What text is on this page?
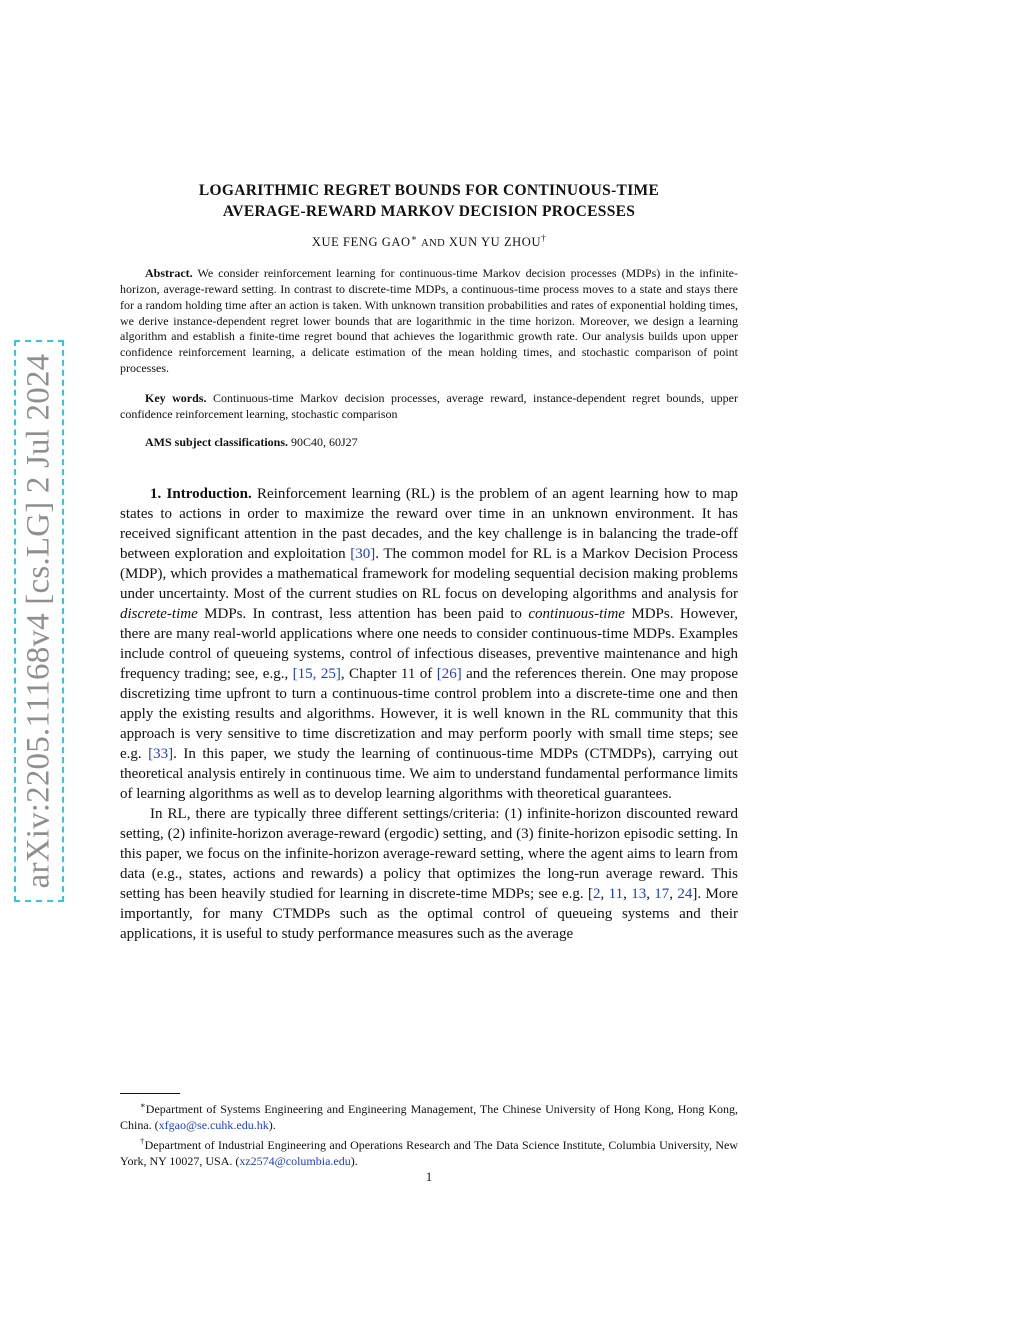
arXiv:2205.11168v4 [cs.LG] 2 Jul 2024
LOGARITHMIC REGRET BOUNDS FOR CONTINUOUS-TIME
AVERAGE-REWARD MARKOV DECISION PROCESSES
XUE FENG GAO∗ AND XUN YU ZHOU†
Abstract. We consider reinforcement learning for continuous-time Markov decision processes (MDPs) in the infinite-horizon, average-reward setting. In contrast to discrete-time MDPs, a continuous-time process moves to a state and stays there for a random holding time after an action is taken. With unknown transition probabilities and rates of exponential holding times, we derive instance-dependent regret lower bounds that are logarithmic in the time horizon. Moreover, we design a learning algorithm and establish a finite-time regret bound that achieves the logarithmic growth rate. Our analysis builds upon upper confidence reinforcement learning, a delicate estimation of the mean holding times, and stochastic comparison of point processes.
Key words. Continuous-time Markov decision processes, average reward, instance-dependent regret bounds, upper confidence reinforcement learning, stochastic comparison
AMS subject classifications. 90C40, 60J27

1. Introduction. Reinforcement learning (RL) is the problem of an agent learning how to map states to actions in order to maximize the reward over time in an unknown environment. It has received significant attention in the past decades, and the key challenge is in balancing the trade-off between exploration and exploitation [30]. The common model for RL is a Markov Decision Process (MDP), which provides a mathematical framework for modeling sequential decision making problems under uncertainty. Most of the current studies on RL focus on developing algorithms and analysis for discrete-time MDPs. In contrast, less attention has been paid to continuous-time MDPs. However, there are many real-world applications where one needs to consider continuous-time MDPs. Examples include control of queueing systems, control of infectious diseases, preventive maintenance and high frequency trading; see, e.g., [15, 25], Chapter 11 of [26] and the references therein. One may propose discretizing time upfront to turn a continuous-time control problem into a discrete-time one and then apply the existing results and algorithms. However, it is well known in the RL community that this approach is very sensitive to time discretization and may perform poorly with small time steps; see e.g. [33]. In this paper, we study the learning of continuous-time MDPs (CTMDPs), carrying out theoretical analysis entirely in continuous time. We aim to understand fundamental performance limits of learning algorithms as well as to develop learning algorithms with theoretical guarantees.

In RL, there are typically three different settings/criteria: (1) infinite-horizon discounted reward setting, (2) infinite-horizon average-reward (ergodic) setting, and (3) finite-horizon episodic setting. In this paper, we focus on the infinite-horizon average-reward setting, where the agent aims to learn from data (e.g., states, actions and rewards) a policy that optimizes the long-run average reward. This setting has been heavily studied for learning in discrete-time MDPs; see e.g. [2, 11, 13, 17, 24]. More importantly, for many CTMDPs such as the optimal control of queueing systems and their applications, it is useful to study performance measures such as the average

∗Department of Systems Engineering and Engineering Management, The Chinese University of Hong Kong, Hong Kong, China. (xfgao@se.cuhk.edu.hk).

†Department of Industrial Engineering and Operations Research and The Data Science Institute, Columbia University, New York, NY 10027, USA. (xz2574@columbia.edu).

1
